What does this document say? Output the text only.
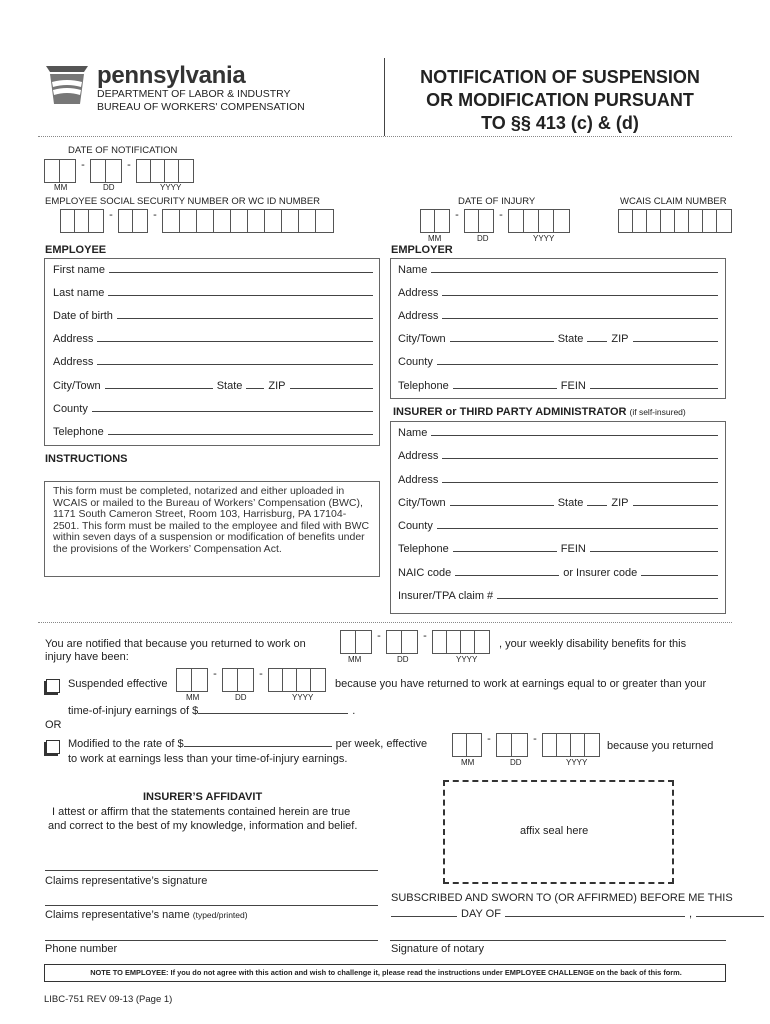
pennsylvania
DEPARTMENT OF LABOR & INDUSTRY
BUREAU OF WORKERS' COMPENSATION
NOTIFICATION OF SUSPENSION
OR MODIFICATION PURSUANT
TO §§ 413 (c) & (d)
DATE OF NOTIFICATION
-	-
MM	DD	YYYY
EMPLOYEE SOCIAL SECURITY NUMBER OR WC ID NUMBER
-	-
DATE OF INJURY
-	-
MM	DD	YYYY
WCAIS CLAIM NUMBER
EMPLOYEE
First name
Last name
Date of birth
Address
Address
City/Town	State ZIP
County
Telephone
INSTRUCTIONS
This form must be completed, notarized and either uploaded in WCAIS or mailed to the Bureau of Workers’ Compensation (BWC), 1171 South Cameron Street, Room 103, Harrisburg, PA 17104-2501. This form must be mailed to the employee and filed with BWC within seven days of a suspension or modification of benefits under the provisions of the Workers’ Compensation Act.
EMPLOYER
Name
Address
Address
City/Town	State	ZIP
County
Telephone	FEIN
INSURER or THIRD PARTY ADMINISTRATOR (if self-insured)
Name
Address
Address
City/Town	State	ZIP
County
Telephone	FEIN
NAIC code	or Insurer code
Insurer/TPA claim #
You are notified that because you returned to work on
-	-
, your weekly disability benefits for this
injury have been:	MM	DD	YYYY
Suspended effective
-	-
because you have returned to work at earnings equal to or greater than your
MM	DD	YYYY
time-of-injury earnings of $	.
OR
Modified to the rate of $	per week, effective	-	-
because you returned
to work at earnings less than your time-of-injury earnings.	MM	DD	YYYY
INSURER’S AFFIDAVIT
I attest or affirm that the statements contained herein are true
and correct to the best of my knowledge, information and belief.	affix seal here
Claims representative’s signature
Claims representative’s name (typed/printed)
Phone number
SUBSCRIBED AND SWORN TO (OR AFFIRMED) BEFORE ME THIS
DAY OF	,
Signature of notary
NOTE TO EMPLOYEE: If you do not agree with this action and wish to challenge it, please read the instructions under EMPLOYEE CHALLENGE on the back of this form.
LIBC-751 REV 09-13 (Page 1)
